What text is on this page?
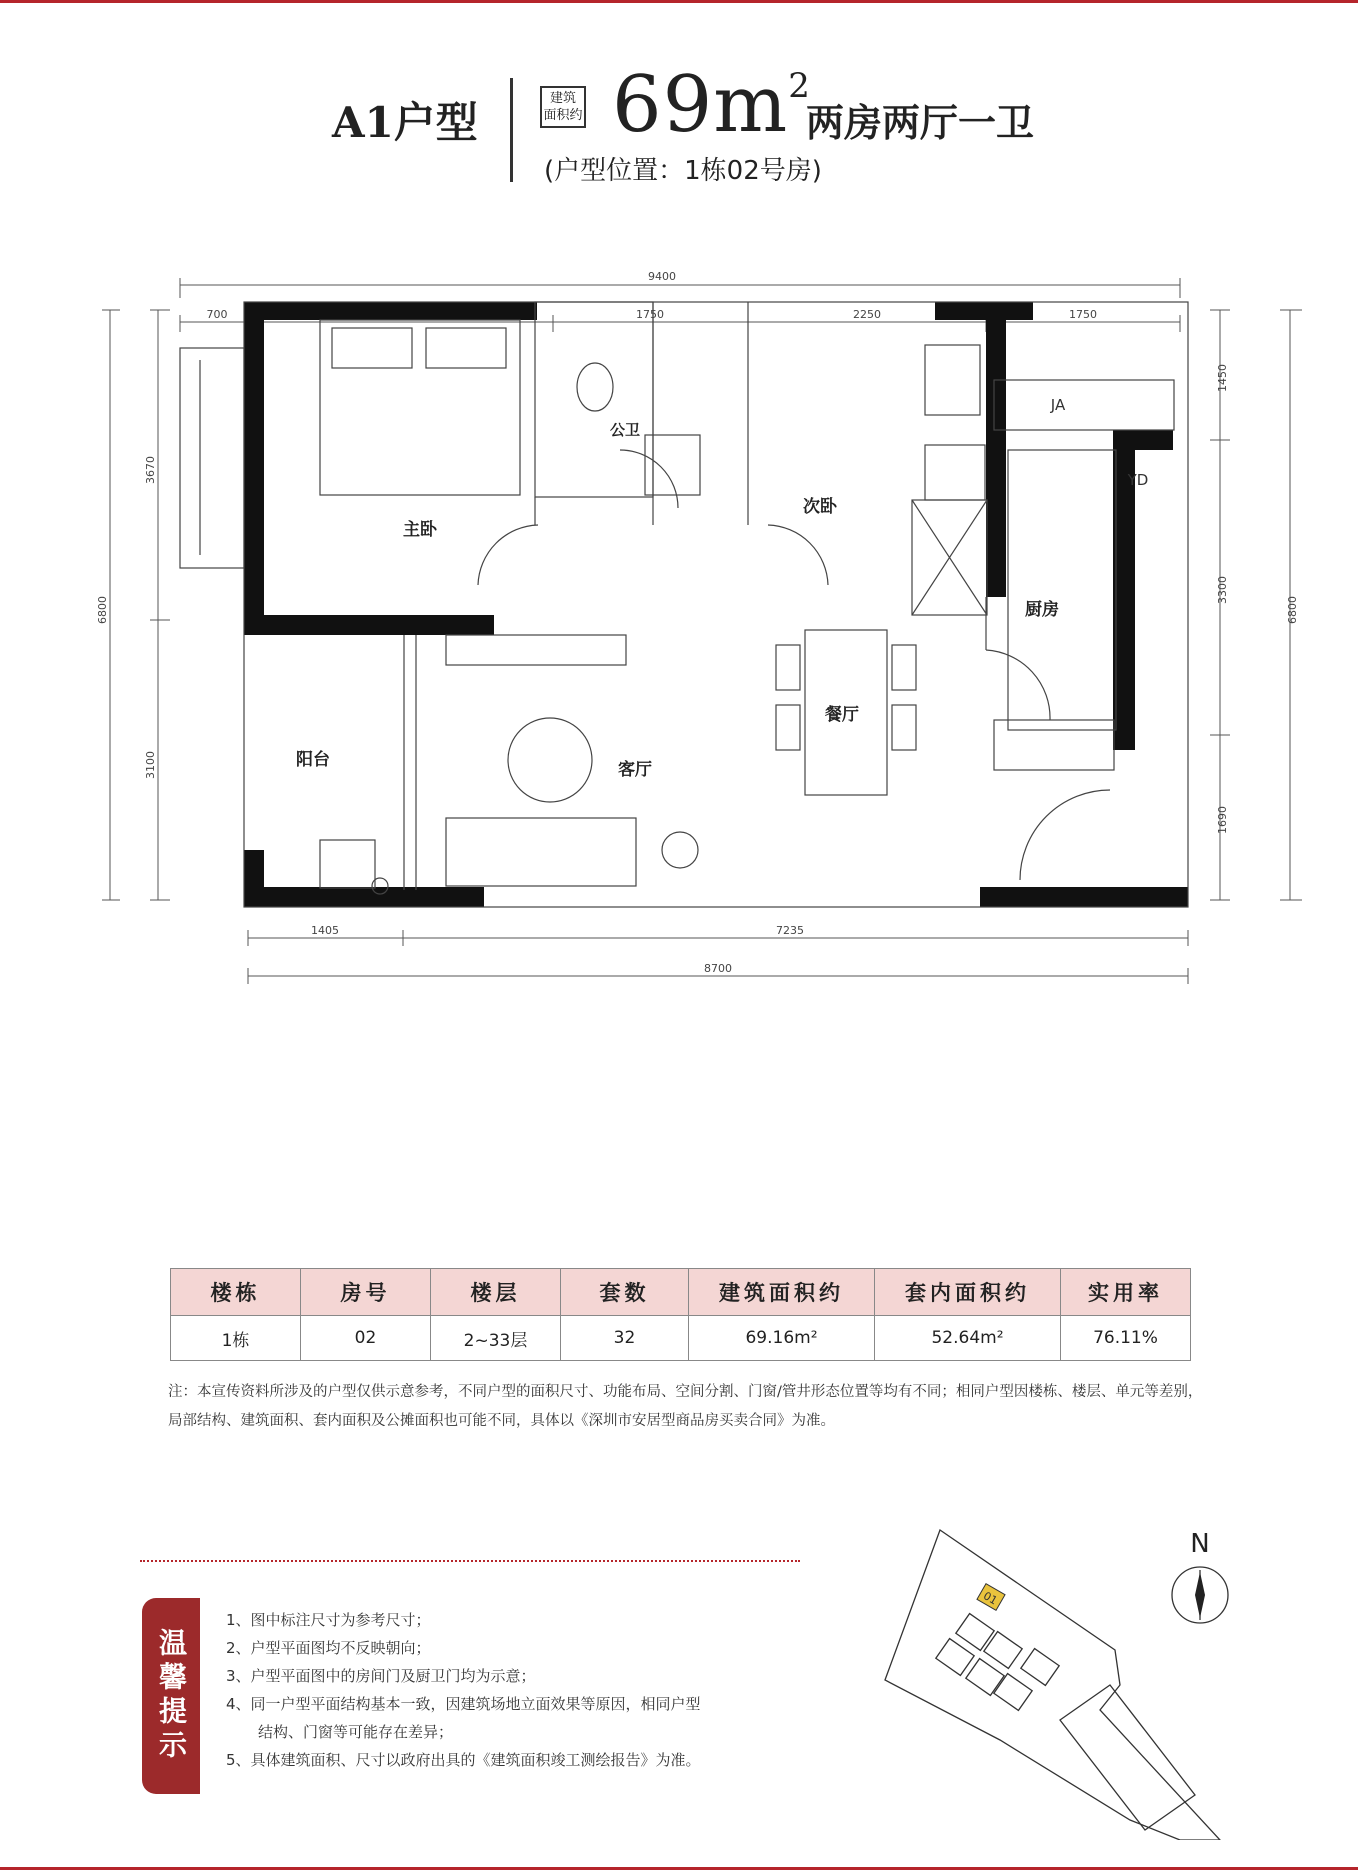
A1户型	建筑
面积约 $69m^2$
两房两厅一卫
(户型位置：1栋02号房)
9400
700	1750	2250	1750
1405	7235
8700
3670
3100
6800
1450
3300
1690
6800
主卧
公卫
次卧
厨房
餐厅
客厅
阳台
JA
YD
楼栋	房号	楼层	套数	建筑面积约	套内面积约	实用率
1栋	02	2~33层	32	69.16m²	52.64m²	76.11%
注：本宣传资料所涉及的户型仅供示意参考，不同户型的面积尺寸、功能布局、空间分割、门窗/管井形态位置等均有不同；相同户型因楼栋、楼层、单元等差别，局部结构、建筑面积、套内面积及公摊面积也可能不同，具体以《深圳市安居型商品房买卖合同》为准。
温馨提示
1、图中标注尺寸为参考尺寸；
2、户型平面图均不反映朝向；
3、户型平面图中的房间门及厨卫门均为示意；
4、同一户型平面结构基本一致，因建筑场地立面效果等原因，相同户型
结构、门窗等可能存在差异；
5、具体建筑面积、尺寸以政府出具的《建筑面积竣工测绘报告》为准。
01
N
